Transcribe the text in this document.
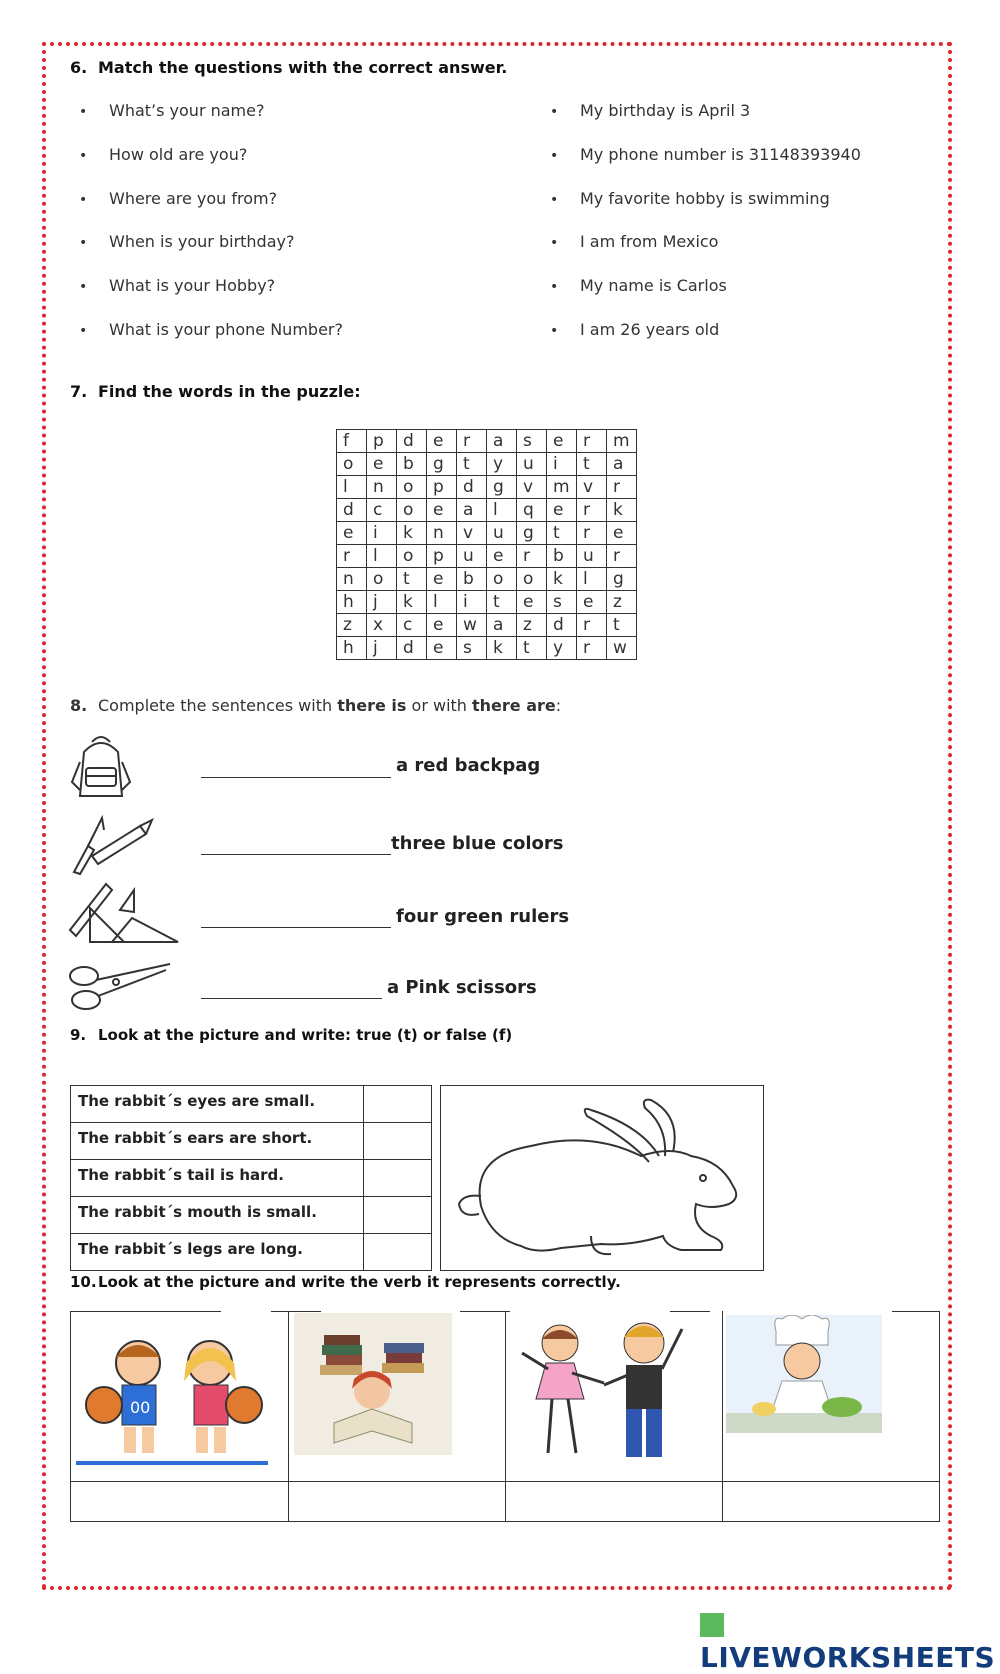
6. Match the questions with the correct answer.
• What’s your name?
• How old are you?
• Where are you from?
• When is your birthday?
• What is your Hobby?
• What is your phone Number?
• My birthday is April 3
• My phone number is 31148393940
• My favorite hobby is swimming
• I am from Mexico
• My name is Carlos
• I am 26 years old
7. Find the words in the puzzle:
f	p	d	e	r	a	s	e	r	m
o	e	b	g	t	y	u	i	t	a
l	n	o	p	d	g	v	m	v	r
d	c	o	e	a	l	q	e	r	k
e	i	k	n	v	u	g	t	r	e
r	l	o	p	u	e	r	b	u	r
n	o	t	e	b	o	o	k	l	g
h	j	k	l	i	t	e	s	e	z
z	x	c	e	w	a	z	d	r	t
h	j	d	e	s	k	t	y	r	w
8. Complete the sentences with there is or with there are:
a red backpag
three blue colors
four green rulers
a Pink scissors
9. Look at the picture and write: true (t) or false (f)
The rabbit´s eyes are small.	
The rabbit´s ears are short.	
The rabbit´s tail is hard.	
The rabbit´s mouth is small.	
The rabbit´s legs are long.	
10.Look at the picture and write the verb it represents correctly.
00
LIVEWORKSHEETS
